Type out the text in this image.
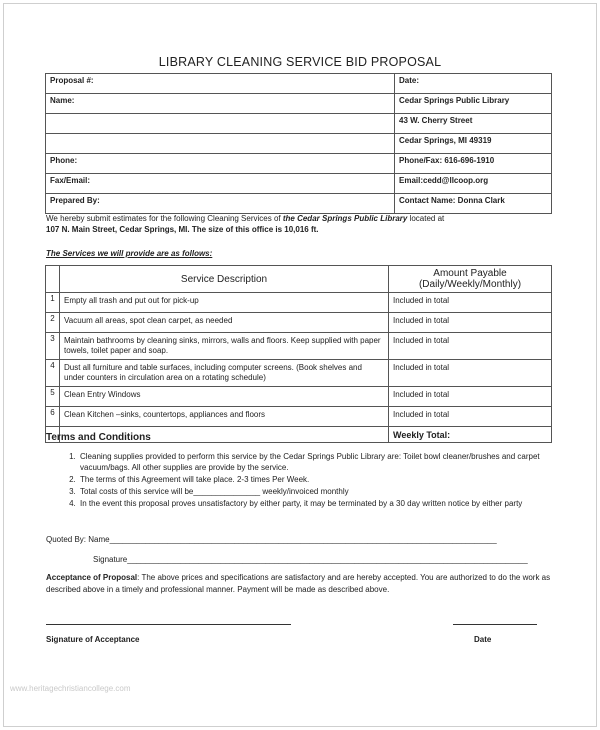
LIBRARY CLEANING SERVICE BID PROPOSAL
Proposal #:	Date:
Name:	Cedar Springs Public Library
	43 W. Cherry Street
	Cedar Springs, MI 49319
Phone:	Phone/Fax: 616-696-1910
Fax/Email:	Email:cedd@llcoop.org
Prepared By:	Contact Name: Donna Clark
We hereby submit estimates for the following Cleaning Services of the Cedar Springs Public Library located at
107 N. Main Street, Cedar Springs, MI. The size of this office is 10,016 ft.
The Services we will provide are as follows:
	Service Description	Amount Payable
(Daily/Weekly/Monthly)
1	Empty all trash and put out for pick-up	Included in total
2	Vacuum all areas, spot clean carpet, as needed	Included in total
3	Maintain bathrooms by cleaning sinks, mirrors, walls and floors. Keep supplied with paper towels, toilet paper and soap.	Included in total
4	Dust all furniture and table surfaces, including computer screens. (Book shelves and under counters in circulation area on a rotating schedule)	Included in total
5	Clean Entry Windows	Included in total
6	Clean Kitchen –sinks, countertops, appliances and floors	Included in total
		Weekly Total:
Terms and Conditions
1. Cleaning supplies provided to perform this service by the Cedar Springs Public Library are: Toilet bowl cleaner/brushes and carpet vacuum/bags. All other supplies are provide by the service.
2. The terms of this Agreement will take place. 2-3 times Per Week.
3. Total costs of this service will be_______________ weekly/invoiced monthly
4. In the event this proposal proves unsatisfactory by either party, it may be terminated by a 30 day written notice by either party
Quoted By: Name_______________________________________________________________________________________
Signature__________________________________________________________________________________________
Acceptance of Proposal: The above prices and specifications are satisfactory and are hereby accepted. You are authorized to do the work as described above in a timely and professional manner. Payment will be made as described above.
Signature of Acceptance	Date
www.heritagechristiancollege.com
